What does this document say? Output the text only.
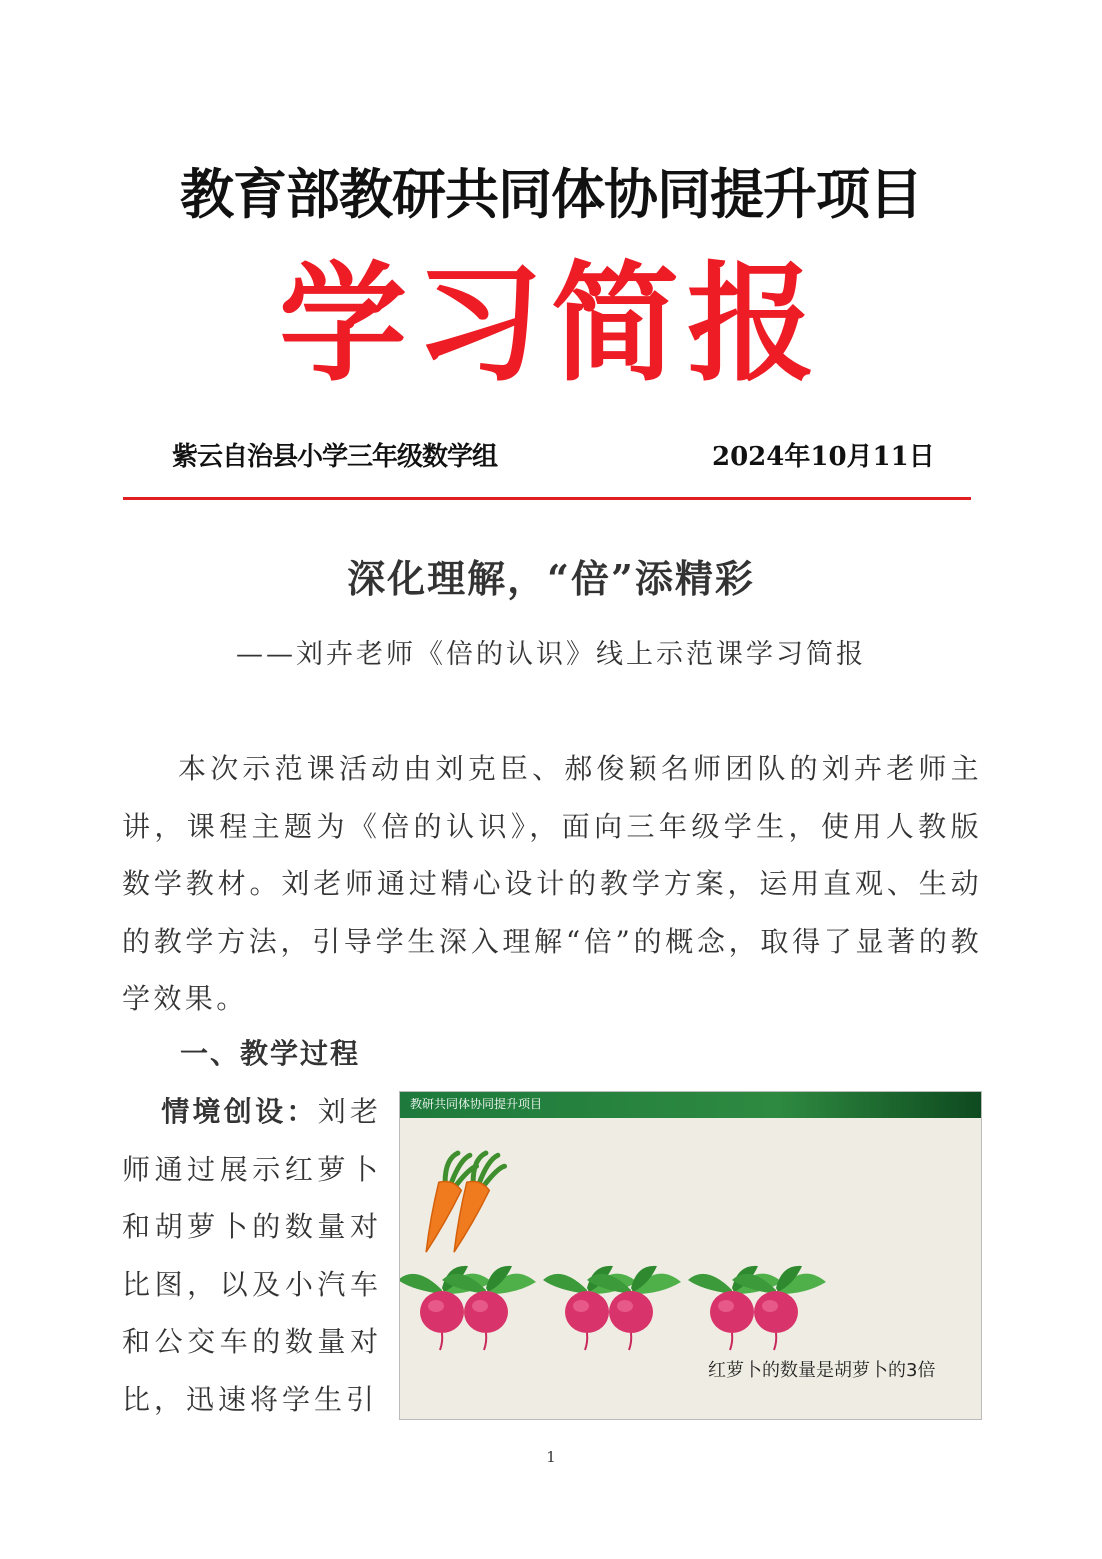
教育部教研共同体协同提升项目
学习简报
紫云自治县小学三年级数学组	2024年10月11日
深化理解，“倍”添精彩
——刘卉老师《倍的认识》线上示范课学习简报
本次示范课活动由刘克臣、郝俊颖名师团队的刘卉老师主讲，课程主题为《倍的认识》，面向三年级学生，使用人教版数学教材。刘老师通过精心设计的教学方案，运用直观、生动的教学方法，引导学生深入理解“倍”的概念，取得了显著的教学效果。
一、教学过程
情境创设：刘老师通过展示红萝卜和胡萝卜的数量对比图，以及小汽车和公交车的数量对比，迅速将学生引
教研共同体协同提升项目
红萝卜的数量是胡萝卜的3倍
1
